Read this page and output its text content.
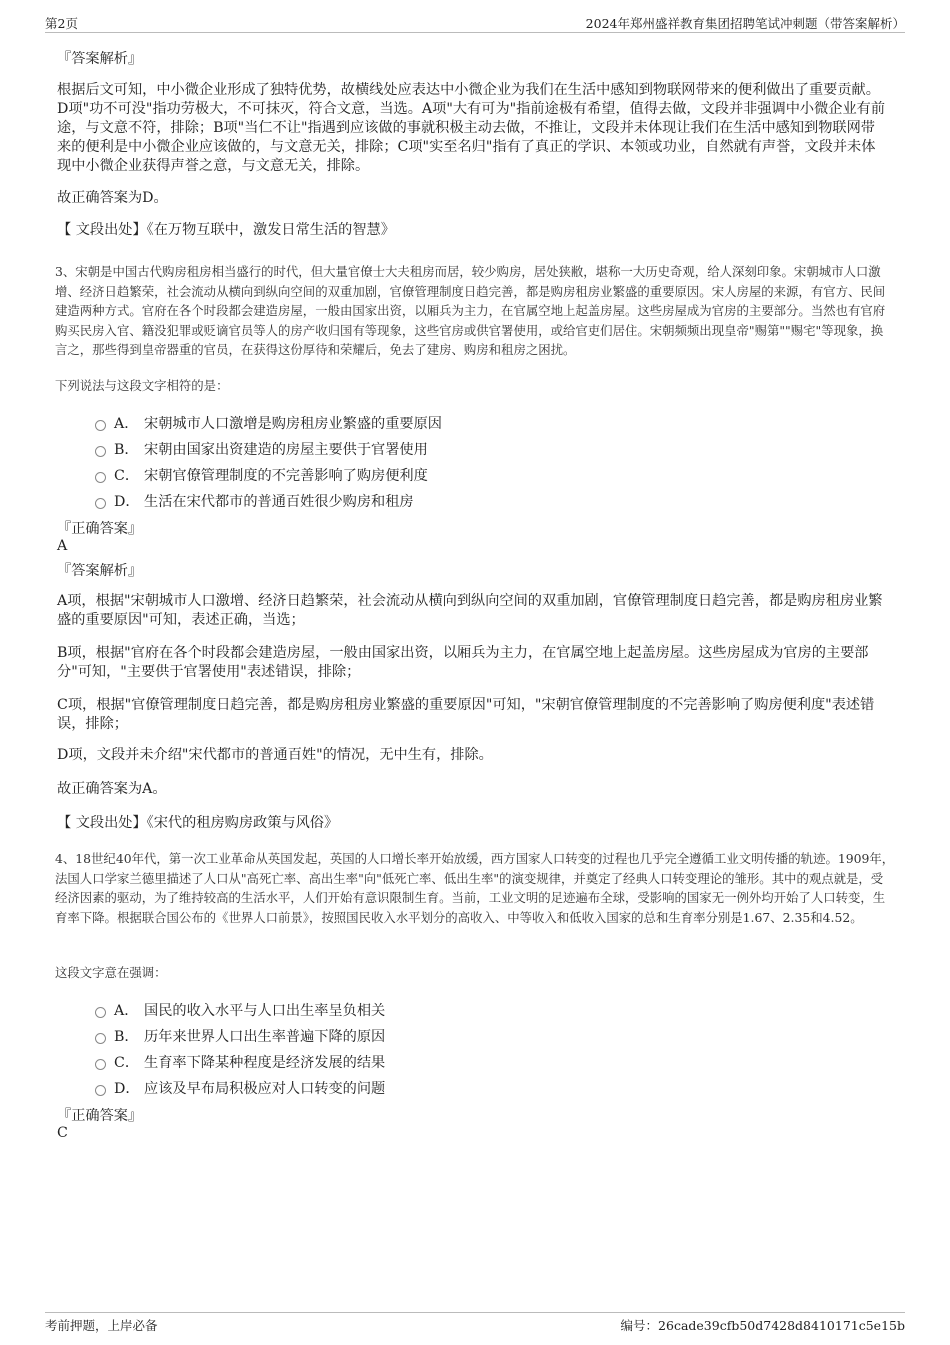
第2页	2024年郑州盛祥教育集团招聘笔试冲刺题（带答案解析）
『答案解析』
根据后文可知，中小微企业形成了独特优势，故横线处应表达中小微企业为我们在生活中感知到物联网带来的便利做出了重要贡献。D项"功不可没"指功劳极大，不可抹灭，符合文意，当选。A项"大有可为"指前途极有希望，值得去做，文段并非强调中小微企业有前途，与文意不符，排除；B项"当仁不让"指遇到应该做的事就积极主动去做，不推让，文段并未体现让我们在生活中感知到物联网带来的便利是中小微企业应该做的，与文意无关，排除；C项"实至名归"指有了真正的学识、本领或功业，自然就有声誉，文段并未体现中小微企业获得声誉之意，与文意无关，排除。
故正确答案为D。
【 文段出处】《在万物互联中，激发日常生活的智慧》
3、宋朝是中国古代购房租房相当盛行的时代，但大量官僚士大夫租房而居，较少购房，居处狭敝，堪称一大历史奇观，给人深刻印象。宋朝城市人口激增、经济日趋繁荣，社会流动从横向到纵向空间的双重加剧，官僚管理制度日趋完善，都是购房租房业繁盛的重要原因。宋人房屋的来源，有官方、民间建造两种方式。官府在各个时段都会建造房屋，一般由国家出资，以厢兵为主力，在官属空地上起盖房屋。这些房屋成为官房的主要部分。当然也有官府购买民房入官、籍没犯罪或贬谪官员等人的房产收归国有等现象，这些官房或供官署使用，或给官吏们居住。宋朝频频出现皇帝"赐第""赐宅"等现象，换言之，那些得到皇帝器重的官员，在获得这份厚待和荣耀后，免去了建房、购房和租房之困扰。
下列说法与这段文字相符的是：
A． 宋朝城市人口激增是购房租房业繁盛的重要原因
B． 宋朝由国家出资建造的房屋主要供于官署使用
C． 宋朝官僚管理制度的不完善影响了购房便利度
D． 生活在宋代都市的普通百姓很少购房和租房
『正确答案』
A
『答案解析』
A项，根据"宋朝城市人口激增、经济日趋繁荣，社会流动从横向到纵向空间的双重加剧，官僚管理制度日趋完善，都是购房租房业繁盛的重要原因"可知，表述正确，当选；
B项，根据"官府在各个时段都会建造房屋，一般由国家出资，以厢兵为主力，在官属空地上起盖房屋。这些房屋成为官房的主要部分"可知，"主要供于官署使用"表述错误，排除；
C项，根据"官僚管理制度日趋完善，都是购房租房业繁盛的重要原因"可知，"宋朝官僚管理制度的不完善影响了购房便利度"表述错误，排除；
D项，文段并未介绍"宋代都市的普通百姓"的情况，无中生有，排除。
故正确答案为A。
【 文段出处】《宋代的租房购房政策与风俗》
4、18世纪40年代，第一次工业革命从英国发起，英国的人口增长率开始放缓，西方国家人口转变的过程也几乎完全遵循工业文明传播的轨迹。1909年，法国人口学家兰德里描述了人口从"高死亡率、高出生率"向"低死亡率、低出生率"的演变规律，并奠定了经典人口转变理论的雏形。其中的观点就是，受经济因素的驱动，为了维持较高的生活水平，人们开始有意识限制生育。当前，工业文明的足迹遍布全球，受影响的国家无一例外均开始了人口转变，生育率下降。根据联合国公布的《世界人口前景》，按照国民收入水平划分的高收入、中等收入和低收入国家的总和生育率分别是1.67、2.35和4.52。
这段文字意在强调：
A． 国民的收入水平与人口出生率呈负相关
B． 历年来世界人口出生率普遍下降的原因
C． 生育率下降某种程度是经济发展的结果
D． 应该及早布局积极应对人口转变的问题
『正确答案』
C
考前押题，上岸必备	编号：26cade39cfb50d7428d8410171c5e15b
